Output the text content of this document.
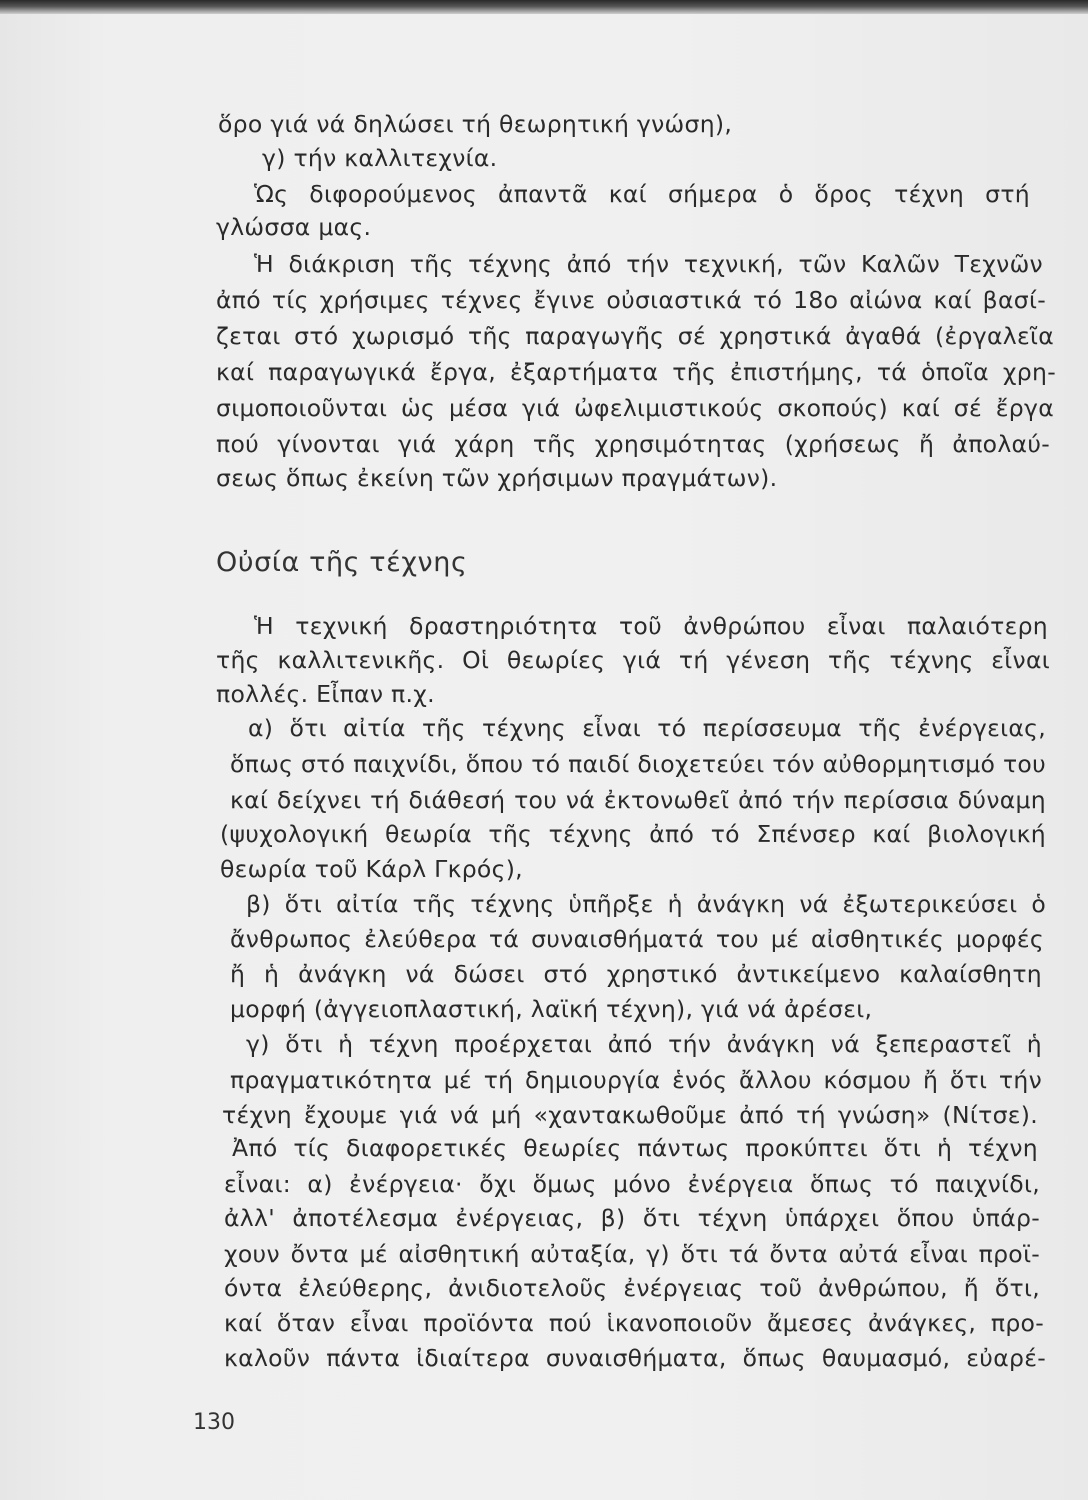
ὅρο γιά νά δηλώσει τή θεωρητική γνώση),
γ) τήν καλλιτεχνία.
Ὡς διφορούμενος ἀπαντᾶ καί σήμερα ὁ ὅρος τέχνη στή
γλώσσα μας.
Ἡ διάκριση τῆς τέχνης ἀπό τήν τεχνική, τῶν Καλῶν Τεχνῶν
ἀπό τίς χρήσιμες τέχνες ἔγινε οὐσιαστικά τό 18ο αἰώνα καί βασί-
ζεται στό χωρισμό τῆς παραγωγῆς σέ χρηστικά ἀγαθά (ἐργαλεῖα
καί παραγωγικά ἔργα, ἐξαρτήματα τῆς ἐπιστήμης, τά ὁποῖα χρη-
σιμοποιοῦνται ὡς μέσα γιά ὠφελιμιστικούς σκοπούς) καί σέ ἔργα
πού γίνονται γιά χάρη τῆς χρησιμότητας (χρήσεως ἤ ἀπολαύ-
σεως ὅπως ἐκείνη τῶν χρήσιμων πραγμάτων).
Οὐσία τῆς τέχνης
Ἡ τεχνική δραστηριότητα τοῦ ἀνθρώπου εἶναι παλαιότερη
τῆς καλλιτενικῆς. Οἱ θεωρίες γιά τή γένεση τῆς τέχνης εἶναι
πολλές. Εἶπαν π.χ.
α) ὅτι αἰτία τῆς τέχνης εἶναι τό περίσσευμα τῆς ἐνέργειας,
ὅπως στό παιχνίδι, ὅπου τό παιδί διοχετεύει τόν αὐθορμητισμό του
καί δείχνει τή διάθεσή του νά ἐκτονωθεῖ ἀπό τήν περίσσια δύναμη
(ψυχολογική θεωρία τῆς τέχνης ἀπό τό Σπένσερ καί βιολογική
θεωρία τοῦ Κάρλ Γκρός),
β) ὅτι αἰτία τῆς τέχνης ὑπῆρξε ἡ ἀνάγκη νά ἐξωτερικεύσει ὁ
ἄνθρωπος ἐλεύθερα τά συναισθήματά του μέ αἰσθητικές μορφές
ἤ ἡ ἀνάγκη νά δώσει στό χρηστικό ἀντικείμενο καλαίσθητη
μορφή (ἀγγειοπλαστική, λαϊκή τέχνη), γιά νά ἀρέσει,
γ) ὅτι ἡ τέχνη προέρχεται ἀπό τήν ἀνάγκη νά ξεπεραστεῖ ἡ
πραγματικότητα μέ τή δημιουργία ἑνός ἄλλου κόσμου ἤ ὅτι τήν
τέχνη ἔχουμε γιά νά μή «χαντακωθοῦμε ἀπό τή γνώση» (Νίτσε).
Ἀπό τίς διαφορετικές θεωρίες πάντως προκύπτει ὅτι ἡ τέχνη
εἶναι: α) ἐνέργεια· ὄχι ὅμως μόνο ἐνέργεια ὅπως τό παιχνίδι,
ἀλλ' ἀποτέλεσμα ἐνέργειας, β) ὅτι τέχνη ὑπάρχει ὅπου ὑπάρ-
χουν ὄντα μέ αἰσθητική αὐταξία, γ) ὅτι τά ὄντα αὐτά εἶναι προϊ-
όντα ἐλεύθερης, ἀνιδιοτελοῦς ἐνέργειας τοῦ ἀνθρώπου, ἤ ὅτι,
καί ὅταν εἶναι προϊόντα πού ἱκανοποιοῦν ἄμεσες ἀνάγκες, προ-
καλοῦν πάντα ἰδιαίτερα συναισθήματα, ὅπως θαυμασμό, εὐαρέ-
130
